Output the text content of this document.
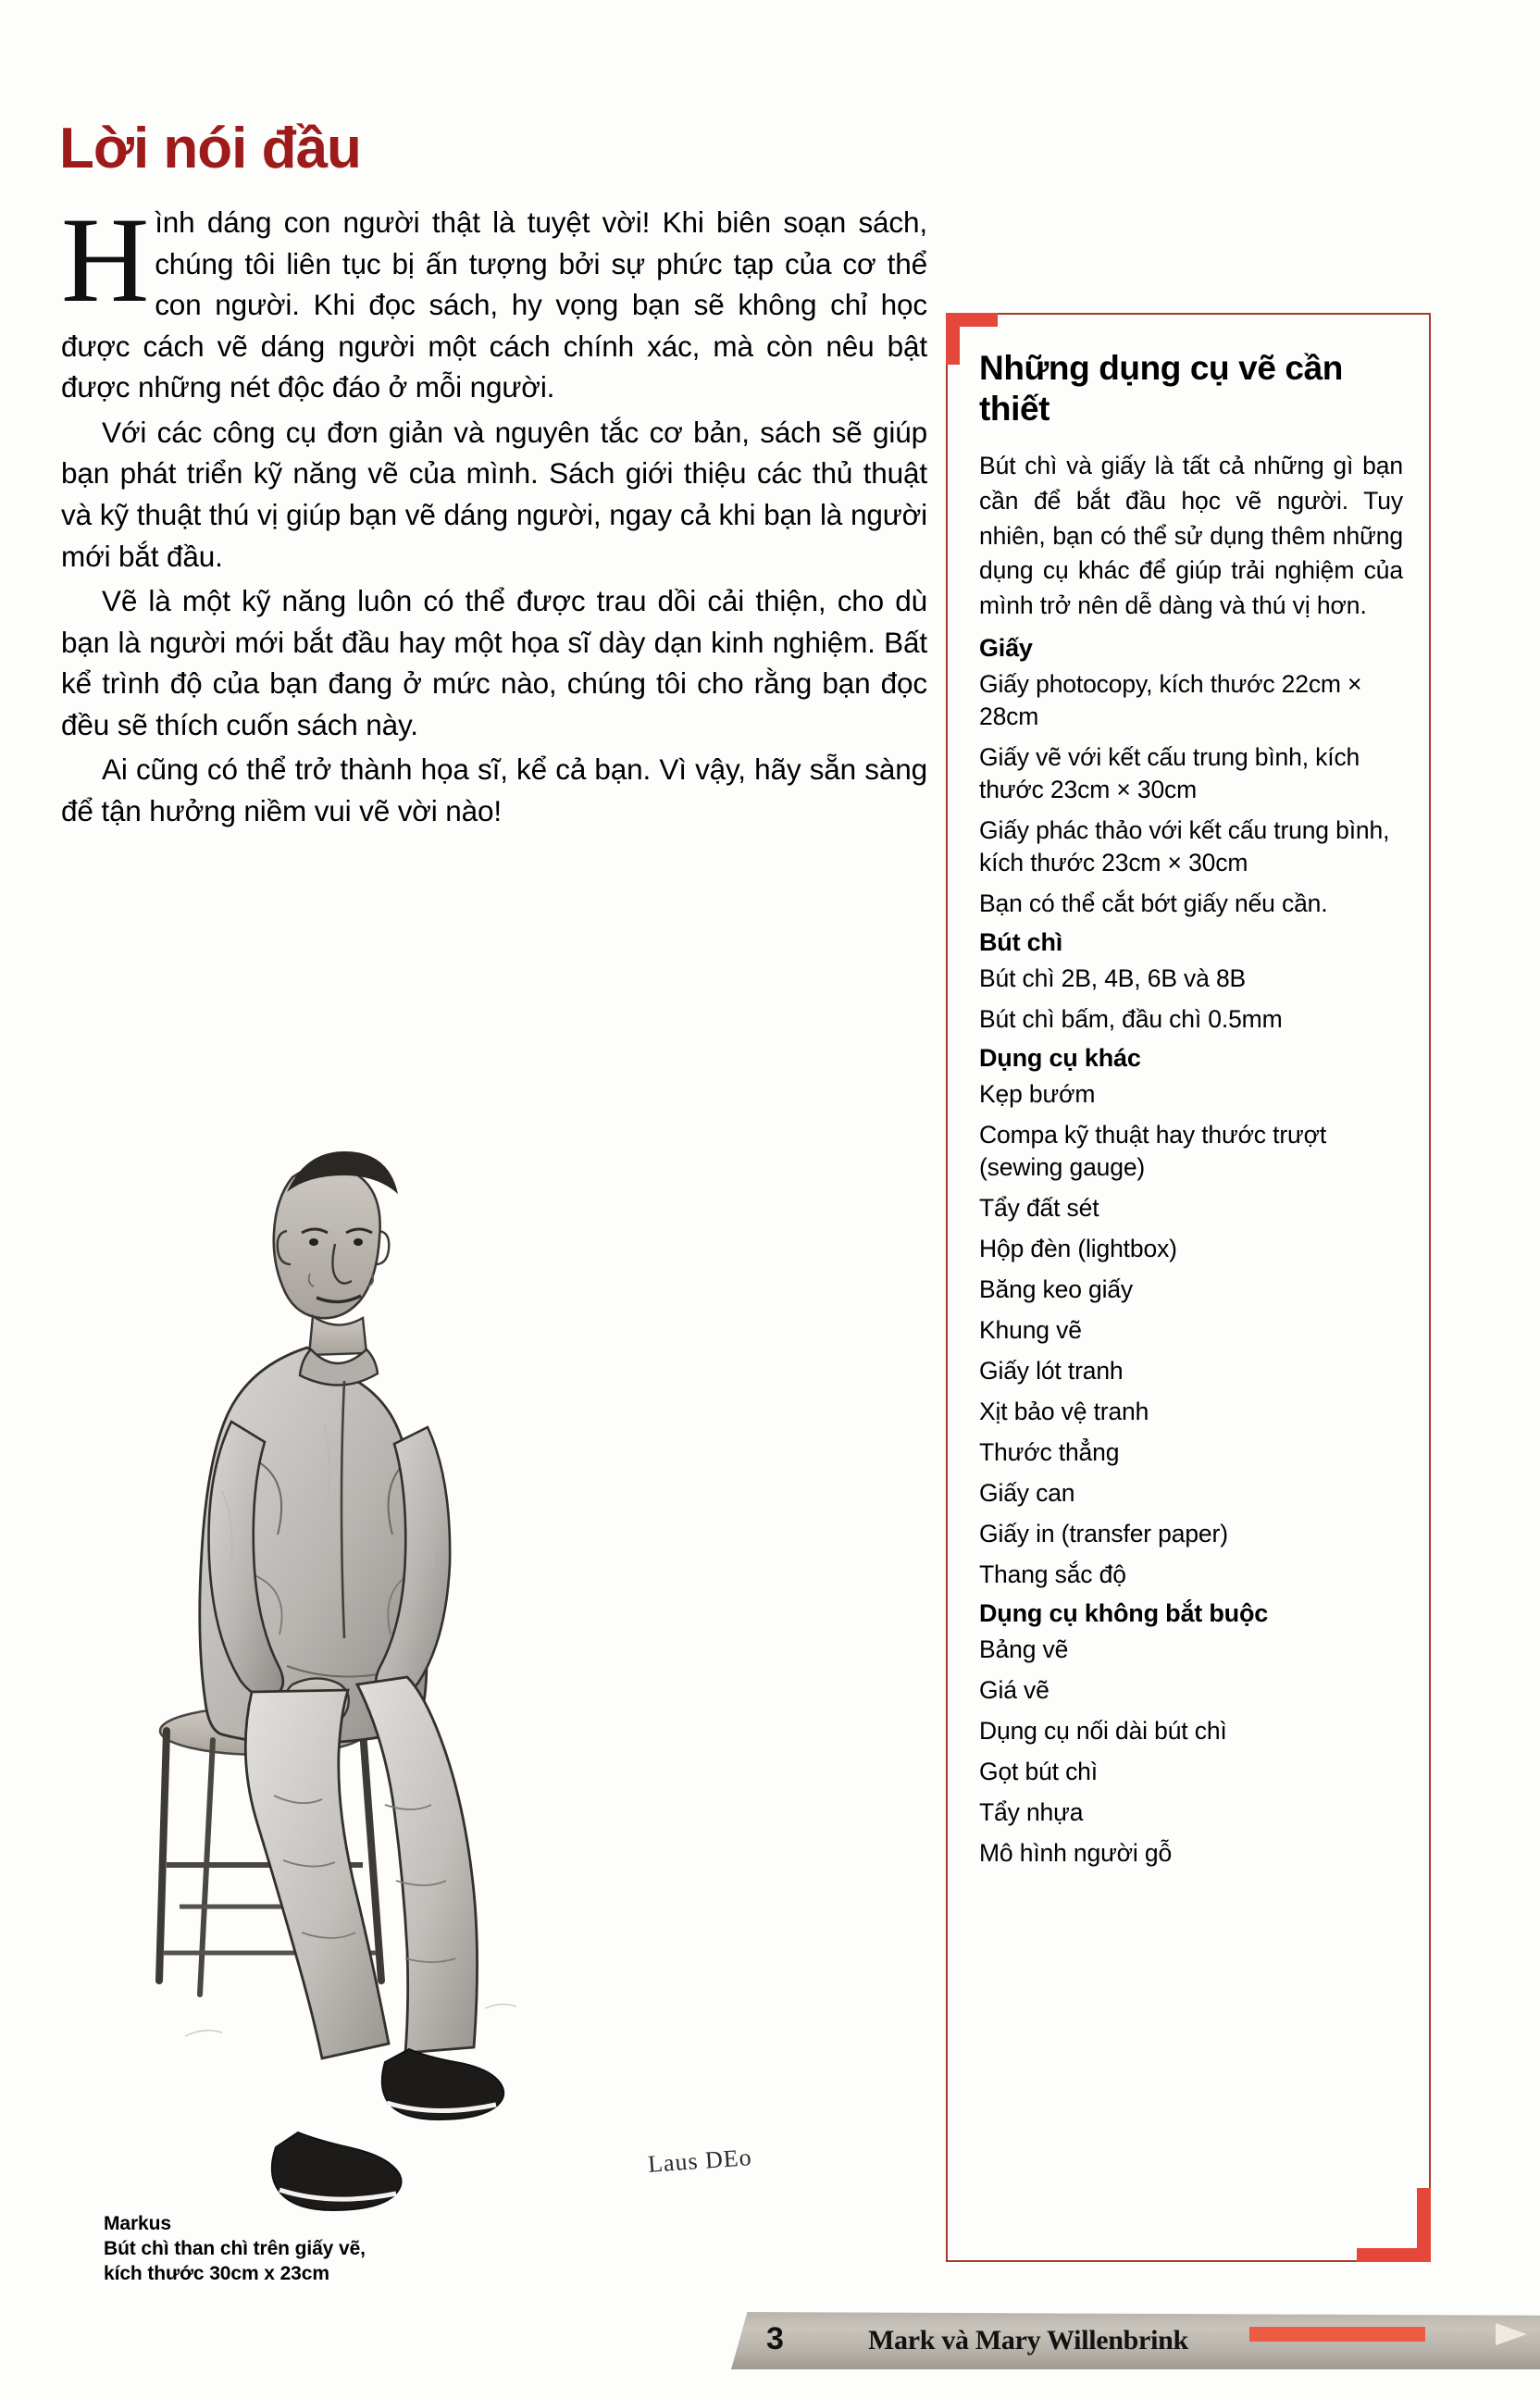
Lời nói đầu

Hình dáng con người thật là tuyệt vời! Khi biên soạn sách, chúng tôi liên tục bị ấn tượng bởi sự phức tạp của cơ thể con người. Khi đọc sách, hy vọng bạn sẽ không chỉ học được cách vẽ dáng người một cách chính xác, mà còn nêu bật được những nét độc đáo ở mỗi người.

Với các công cụ đơn giản và nguyên tắc cơ bản, sách sẽ giúp bạn phát triển kỹ năng vẽ của mình. Sách giới thiệu các thủ thuật và kỹ thuật thú vị giúp bạn vẽ dáng người, ngay cả khi bạn là người mới bắt đầu.

Vẽ là một kỹ năng luôn có thể được trau dồi cải thiện, cho dù bạn là người mới bắt đầu hay một họa sĩ dày dạn kinh nghiệm. Bất kể trình độ của bạn đang ở mức nào, chúng tôi cho rằng bạn đọc đều sẽ thích cuốn sách này.

Ai cũng có thể trở thành họa sĩ, kể cả bạn. Vì vậy, hãy sẵn sàng để tận hưởng niềm vui vẽ vời nào!

Laus DEo
Markus
Bút chì than chì trên giấy vẽ,
kích thước 30cm x 23cm
Những dụng cụ vẽ cần thiết
Bút chì và giấy là tất cả những gì bạn cần để bắt đầu học vẽ người. Tuy nhiên, bạn có thể sử dụng thêm những dụng cụ khác để giúp trải nghiệm của mình trở nên dễ dàng và thú vị hơn.
Giấy
Giấy photocopy, kích thước 22cm × 28cm
Giấy vẽ với kết cấu trung bình, kích thước 23cm × 30cm
Giấy phác thảo với kết cấu trung bình, kích thước 23cm × 30cm
Bạn có thể cắt bớt giấy nếu cần.
Bút chì
Bút chì 2B, 4B, 6B và 8B
Bút chì bấm, đầu chì 0.5mm
Dụng cụ khác
Kẹp bướm
Compa kỹ thuật hay thước trượt (sewing gauge)
Tẩy đất sét
Hộp đèn (lightbox)
Băng keo giấy
Khung vẽ
Giấy lót tranh
Xịt bảo vệ tranh
Thước thẳng
Giấy can
Giấy in (transfer paper)
Thang sắc độ
Dụng cụ không bắt buộc
Bảng vẽ
Giá vẽ
Dụng cụ nối dài bút chì
Gọt bút chì
Tẩy nhựa
Mô hình người gỗ
3	Mark và Mary Willenbrink
